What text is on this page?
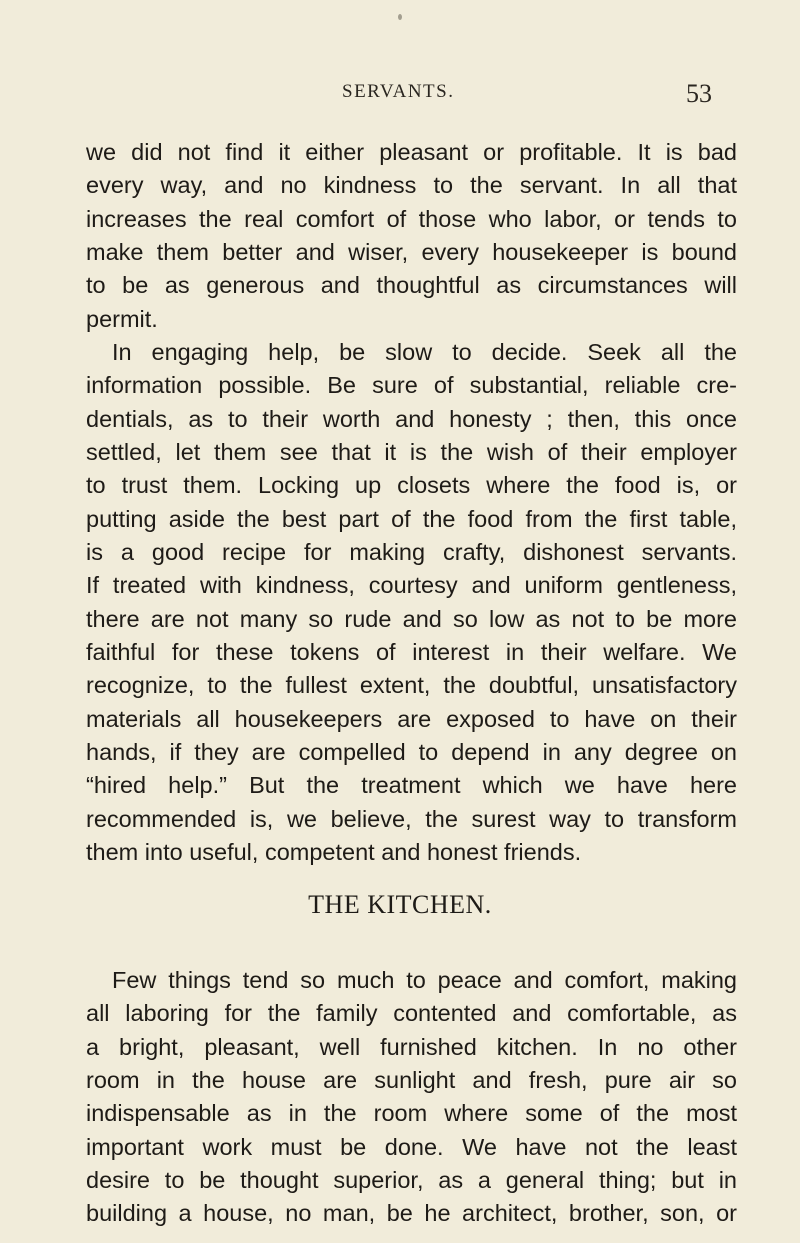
SERVANTS.	53
we did not find it either pleasant or profitable. It is bad
every way, and no kindness to the servant. In all that
increases the real comfort of those who labor, or tends to
make them better and wiser, every housekeeper is bound
to be as generous and thoughtful as circumstances will
permit.
In engaging help, be slow to decide. Seek all the
information possible. Be sure of substantial, reliable cre-
dentials, as to their worth and honesty ; then, this once
settled, let them see that it is the wish of their employer
to trust them. Locking up closets where the food is, or
putting aside the best part of the food from the first table,
is a good recipe for making crafty, dishonest servants.
If treated with kindness, courtesy and uniform gentleness,
there are not many so rude and so low as not to be more
faithful for these tokens of interest in their welfare. We
recognize, to the fullest extent, the doubtful, unsatisfactory
materials all housekeepers are exposed to have on their
hands, if they are compelled to depend in any degree on
“hired help.” But the treatment which we have here
recommended is, we believe, the surest way to transform
them into useful, competent and honest friends.
THE KITCHEN.
Few things tend so much to peace and comfort, making
all laboring for the family contented and comfortable, as
a bright, pleasant, well furnished kitchen. In no other
room in the house are sunlight and fresh, pure air so
indispensable as in the room where some of the most
important work must be done. We have not the least
desire to be thought superior, as a general thing; but in
building a house, no man, be he architect, brother, son, or
